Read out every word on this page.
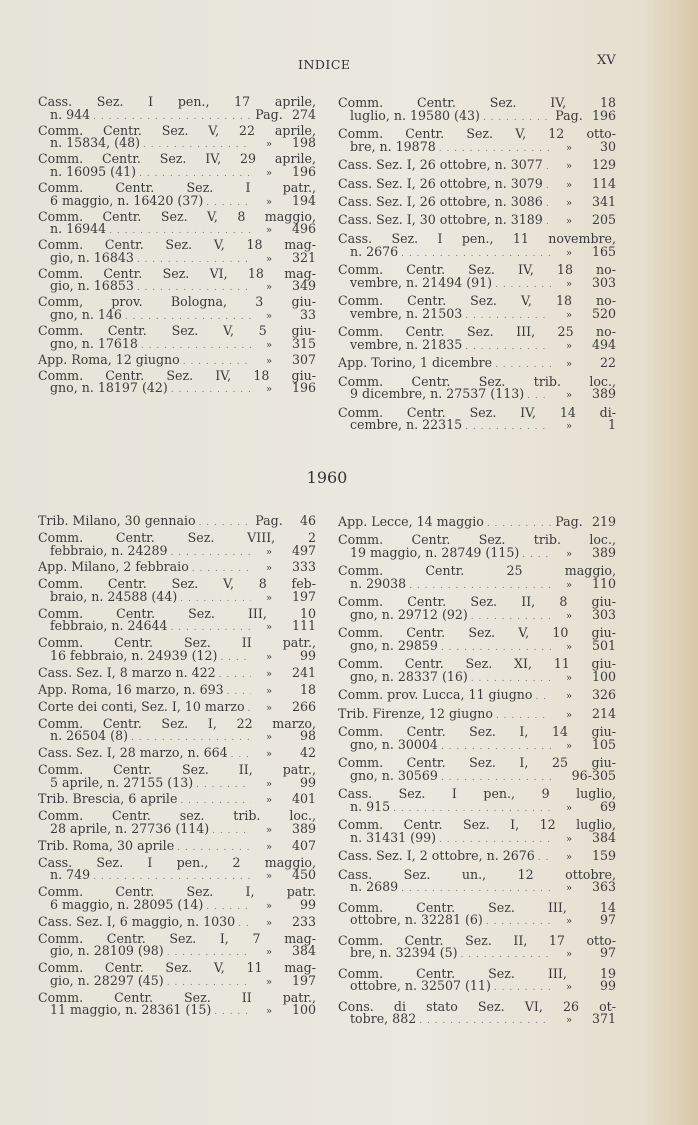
INDICE	XV
1960
Cass. Sez. I pen., 17 aprile,
n. 944 . . .	Pag. 274
Comm. Centr. Sez. V, 22 aprile,
n. 15834, (48) . . .	»	198
Comm. Centr. Sez. IV, 29 aprile,
n. 16095 (41) . . .	»	196
Comm. Centr. Sez. I patr.,
6 maggio, n. 16420 (37) . . .	»	194
Comm. Centr. Sez. V, 8 maggio,
n. 16944 . . .	»	496
Comm. Centr. Sez. V, 18 mag-
gio, n. 16843 . . .	»	321
Comm. Centr. Sez. VI, 18 mag-
gio, n. 16853 . . .	»	349
Comm, prov. Bologna, 3 giu-
gno, n. 146 . . .	»	33
Comm. Centr. Sez. V, 5 giu-
gno, n. 17618 . . .	»	315
App. Roma, 12 giugno . . .	»	307
Comm. Centr. Sez. IV, 18 giu-
gno, n. 18197 (42) . . .	»	196
Comm. Centr. Sez. IV, 18
luglio, n. 19580 (43) . . .	Pag. 196
Comm. Centr. Sez. V, 12 otto-
bre, n. 19878 . . .	»	30
Cass. Sez. I, 26 ottobre, n. 3077 . . .	»	129
Cass. Sez. I, 26 ottobre, n. 3079 . . .	»	114
Cass. Sez. I, 26 ottobre, n. 3086 . . .	»	341
Cass. Sez. I, 30 ottobre, n. 3189 . . .	»	205
Cass. Sez. I pen., 11 novembre,
n. 2676 . . .	»	165
Comm. Centr. Sez. IV, 18 no-
vembre, n. 21494 (91) . . .	»	303
Comm. Centr. Sez. V, 18 no-
vembre, n. 21503 . . .	»	520
Comm. Centr. Sez. III, 25 no-
vembre, n. 21835 . . .	»	494
App. Torino, 1 dicembre . . .	»	22
Comm. Centr. Sez. trib. loc.,
9 dicembre, n. 27537 (113) . . .	»	389
Comm. Centr. Sez. IV, 14 di-
cembre, n. 22315 . . .	»	1
Trib. Milano, 30 gennaio . . .	Pag.	46
Comm. Centr. Sez. VIII, 2
febbraio, n. 24289 . . .	»	497
App. Milano, 2 febbraio . . .	»	333
Comm. Centr. Sez. V, 8 feb-
braio, n. 24588 (44) . . .	»	197
Comm. Centr. Sez. III, 10
febbraio, n. 24644 . . .	»	111
Comm. Centr. Sez. II patr.,
16 febbraio, n. 24939 (12) . . .	»	99
Cass. Sez. I, 8 marzo n. 422 . . .	»	241
App. Roma, 16 marzo, n. 693 . . .	»	18
Corte dei conti, Sez. I, 10 marzo . . .	»	266
Comm. Centr. Sez. I, 22 marzo,
n. 26504 (8) . . .	»	98
Cass. Sez. I, 28 marzo, n. 664 . . .	»	42
Comm. Centr. Sez. II, patr.,
5 aprile, n. 27155 (13) . . .	»	99
Trib. Brescia, 6 aprile . . .	»	401
Comm. Centr. sez. trib. loc.,
28 aprile, n. 27736 (114) . . .	»	389
Trib. Roma, 30 aprile . . .	»	407
Cass. Sez. I pen., 2 maggio,
n. 749 . . .	»	450
Comm. Centr. Sez. I, patr.
6 maggio, n. 28095 (14) . . .	»	99
Cass. Sez. I, 6 maggio, n. 1030 . . .	»	233
Comm. Centr. Sez. I, 7 mag-
gio, n. 28109 (98) . . .	»	384
Comm. Centr. Sez. V, 11 mag-
gio, n. 28297 (45) . . .	»	197
Comm. Centr. Sez. II patr.,
11 maggio, n. 28361 (15) . . .	»	100
App. Lecce, 14 maggio . . .	Pag. 219
Comm. Centr. Sez. trib. loc.,
19 maggio, n. 28749 (115) . . .	»	389
Comm. Centr. 25 maggio,
n. 29038 . . .	»	110
Comm. Centr. Sez. II, 8 giu-
gno, n. 29712 (92) . . .	»	303
Comm. Centr. Sez. V, 10 giu-
gno, n. 29859 . . .	»	501
Comm. Centr. Sez. XI, 11 giu-
gno, n. 28337 (16) . . .	»	100
Comm. prov. Lucca, 11 giugno . . .	»	326
Trib. Firenze, 12 giugno . . .	»	214
Comm. Centr. Sez. I, 14 giu-
gno, n. 30004 . . .	»	105
Comm. Centr. Sez. I, 25 giu-
gno, n. 30569 . . .	96-305
Cass. Sez. I pen., 9 luglio,
n. 915 . . .	»	69
Comm. Centr. Sez. I, 12 luglio,
n. 31431 (99) . . .	»	384
Cass. Sez. I, 2 ottobre, n. 2676 . . .	»	159
Cass. Sez. un., 12 ottobre,
n. 2689 . . .	»	363
Comm. Centr. Sez. III, 14
ottobre, n. 32281 (6) . . .	»	97
Comm. Centr. Sez. II, 17 otto-
bre, n. 32394 (5) . . .	»	97
Comm. Centr. Sez. III, 19
ottobre, n. 32507 (11) . . .	»	99
Cons. di stato Sez. VI, 26 ot-
tobre, 882 . . .	»	371
